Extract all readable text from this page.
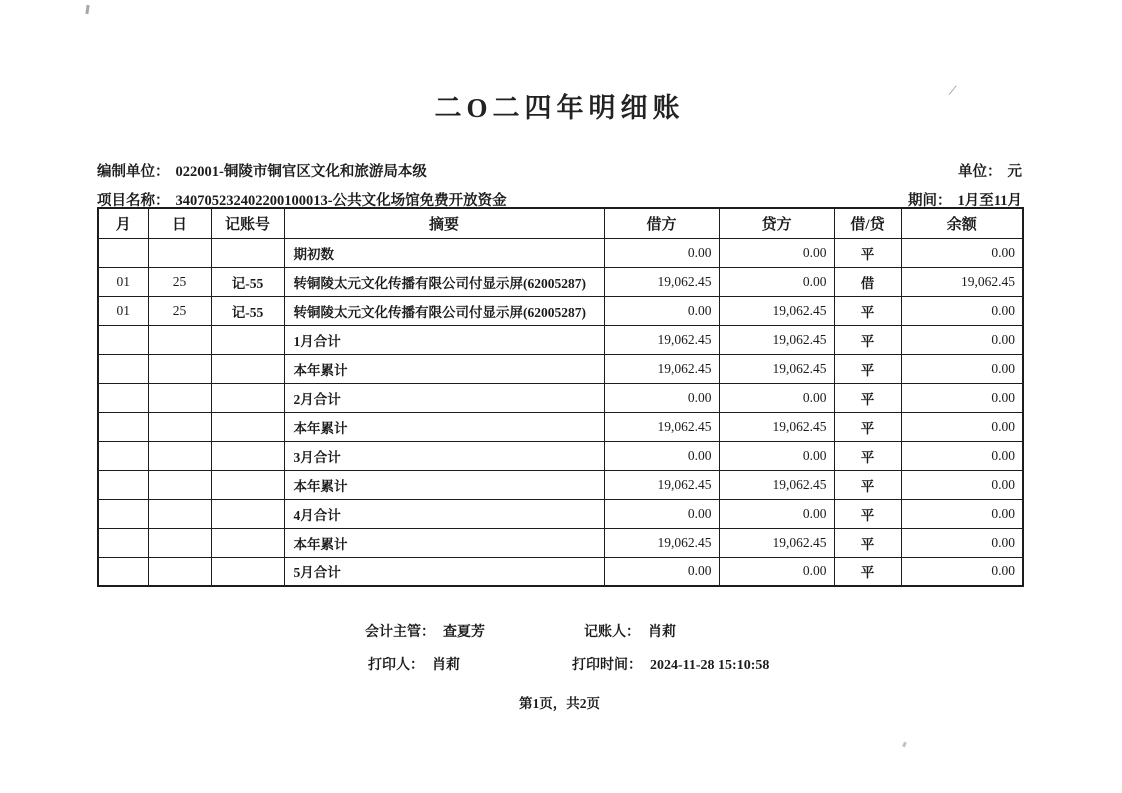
/
二O二四年明细账
编制单位： 022001-铜陵市铜官区文化和旅游局本级	单位： 元
项目名称： 340705232402200100013-公共文化场馆免费开放资金	期间： 1月至11月
月	日	记账号	摘要	借方	贷方	借/贷	余额
			期初数	0.00	0.00	平	0.00
01	25	记-55	转铜陵太元文化传播有限公司付显示屏(62005287)	19,062.45	0.00	借	19,062.45
01	25	记-55	转铜陵太元文化传播有限公司付显示屏(62005287)	0.00	19,062.45	平	0.00
			1月合计	19,062.45	19,062.45	平	0.00
			本年累计	19,062.45	19,062.45	平	0.00
			2月合计	0.00	0.00	平	0.00
			本年累计	19,062.45	19,062.45	平	0.00
			3月合计	0.00	0.00	平	0.00
			本年累计	19,062.45	19,062.45	平	0.00
			4月合计	0.00	0.00	平	0.00
			本年累计	19,062.45	19,062.45	平	0.00
			5月合计	0.00	0.00	平	0.00
会计主管： 查夏芳	记账人： 肖莉
打印人： 肖莉	打印时间： 2024-11-28 15:10:58
第1页，共2页
